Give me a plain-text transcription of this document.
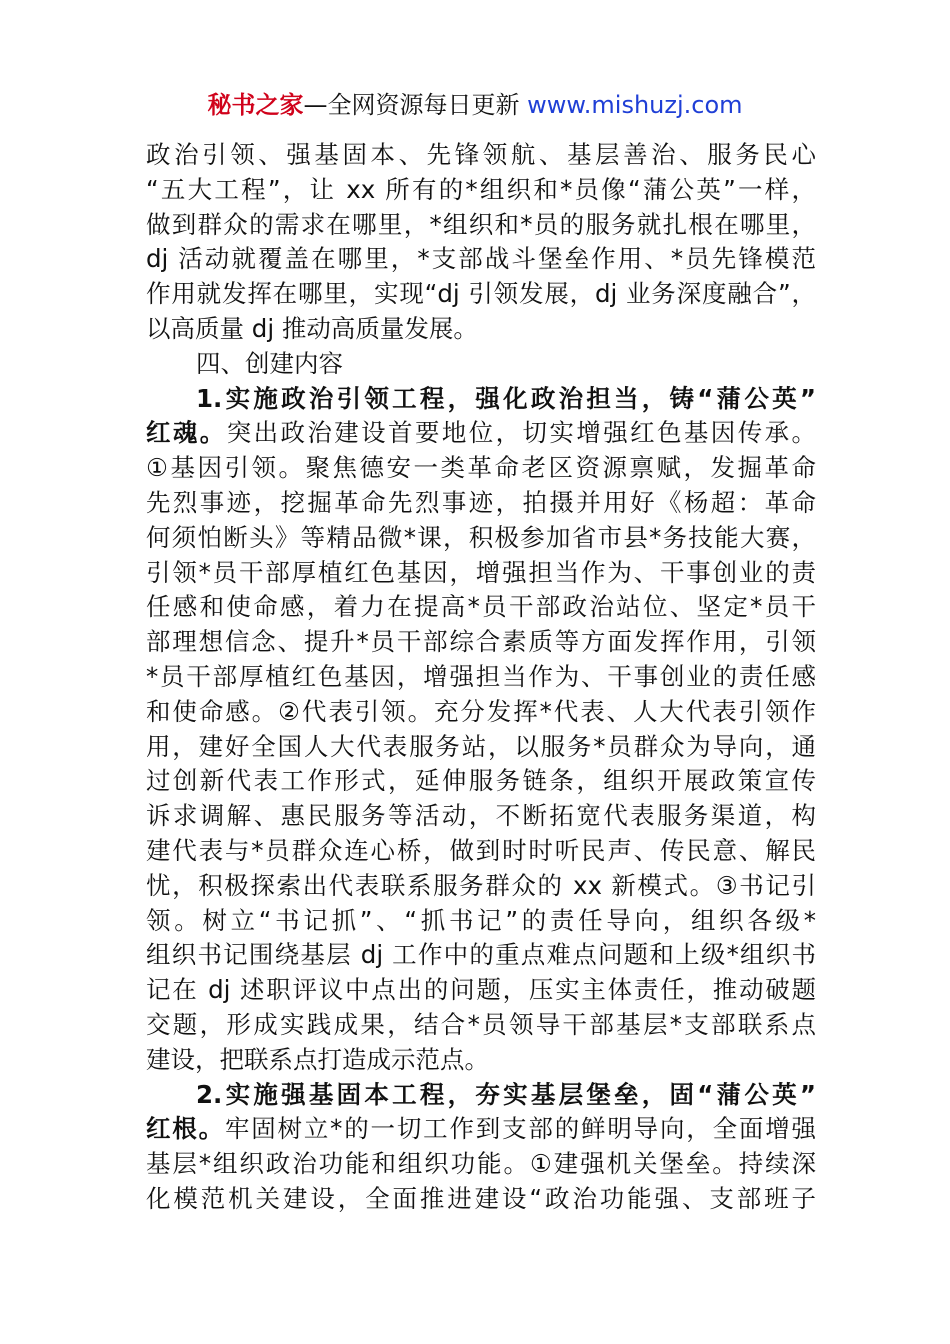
秘书之家—全网资源每日更新 www.mishuzj.com
政治引领、强基固本、先锋领航、基层善治、服务民心
“五大工程”，让 xx 所有的*组织和*员像“蒲公英”一样，
做到群众的需求在哪里，*组织和*员的服务就扎根在哪里，
dj 活动就覆盖在哪里，*支部战斗堡垒作用、*员先锋模范
作用就发挥在哪里，实现“dj 引领发展，dj 业务深度融合”，
以高质量 dj 推动高质量发展。
四、创建内容
1.实施政治引领工程，强化政治担当，铸“蒲公英”
红魂。突出政治建设首要地位，切实增强红色基因传承。
①基因引领。聚焦德安一类革命老区资源禀赋，发掘革命
先烈事迹，挖掘革命先烈事迹，拍摄并用好《杨超：革命
何须怕断头》等精品微*课，积极参加省市县*务技能大赛，
引领*员干部厚植红色基因，增强担当作为、干事创业的责
任感和使命感，着力在提高*员干部政治站位、坚定*员干
部理想信念、提升*员干部综合素质等方面发挥作用，引领
*员干部厚植红色基因，增强担当作为、干事创业的责任感
和使命感。②代表引领。充分发挥*代表、人大代表引领作
用，建好全国人大代表服务站，以服务*员群众为导向，通
过创新代表工作形式，延伸服务链条，组织开展政策宣传
诉求调解、惠民服务等活动，不断拓宽代表服务渠道，构
建代表与*员群众连心桥，做到时时听民声、传民意、解民
忧，积极探索出代表联系服务群众的 xx 新模式。③书记引
领。树立“书记抓”、“抓书记”的责任导向，组织各级*
组织书记围绕基层 dj 工作中的重点难点问题和上级*组织书
记在 dj 述职评议中点出的问题，压实主体责任，推动破题
交题，形成实践成果，结合*员领导干部基层*支部联系点
建设，把联系点打造成示范点。
2.实施强基固本工程，夯实基层堡垒，固“蒲公英”
红根。牢固树立*的一切工作到支部的鲜明导向，全面增强
基层*组织政治功能和组织功能。①建强机关堡垒。持续深
化模范机关建设，全面推进建设“政治功能强、支部班子
